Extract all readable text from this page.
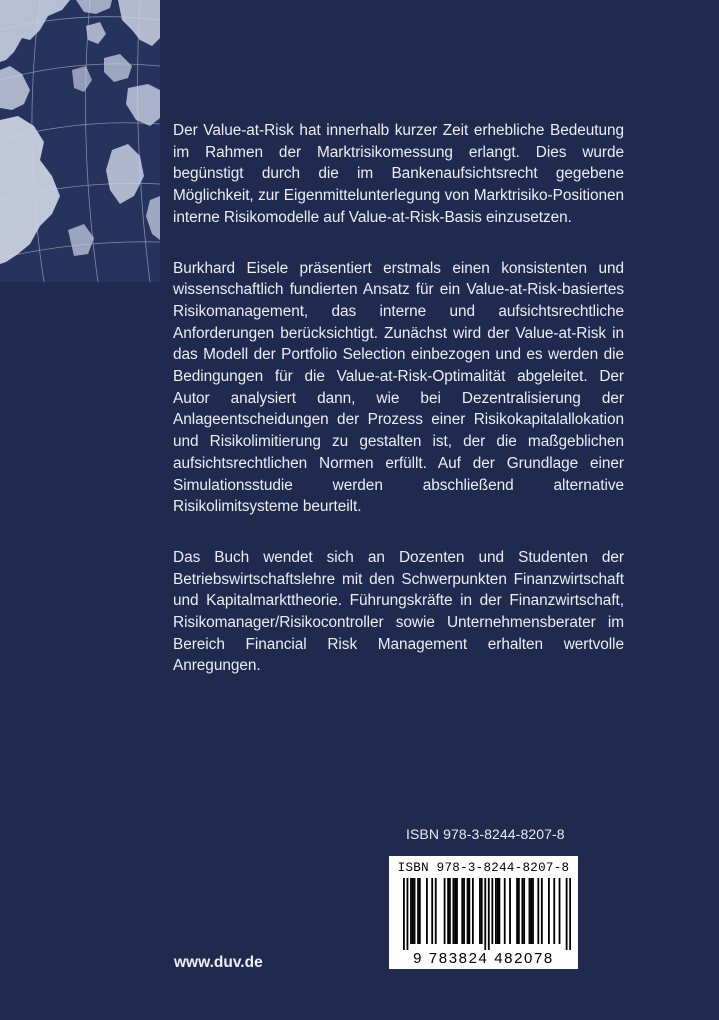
Der Value-at-Risk hat innerhalb kurzer Zeit erhebliche Bedeutung im Rahmen der Marktrisikomessung erlangt. Dies wurde begünstigt durch die im Bankenaufsichtsrecht gegebene Möglichkeit, zur Eigenmittelunterlegung von Marktrisiko-Positionen interne Risikomodelle auf Value-at-Risk-Basis einzusetzen.

Burkhard Eisele präsentiert erstmals einen konsistenten und wissenschaftlich fundierten Ansatz für ein Value-at-Risk-basiertes Risikomanagement, das interne und aufsichtsrechtliche Anforderungen berücksichtigt. Zunächst wird der Value-at-Risk in das Modell der Portfolio Selection einbezogen und es werden die Bedingungen für die Value-at-Risk-Optimalität abgeleitet. Der Autor analysiert dann, wie bei Dezentralisierung der Anlageentscheidungen der Prozess einer Risikokapitalallokation und Risikolimitierung zu gestalten ist, der die maßgeblichen aufsichtsrechtlichen Normen erfüllt. Auf der Grundlage einer Simulationsstudie werden abschließend alternative Risikolimitsysteme beurteilt.

Das Buch wendet sich an Dozenten und Studenten der Betriebswirtschaftslehre mit den Schwerpunkten Finanzwirtschaft und Kapitalmarkttheorie. Führungskräfte in der Finanzwirtschaft, Risikomanager/Risikocontroller sowie Unternehmensberater im Bereich Financial Risk Management erhalten wertvolle Anregungen.

ISBN 978-3-8244-8207-8
ISBN 978-3-8244-8207-8
9 783824 482078
www.duv.de
